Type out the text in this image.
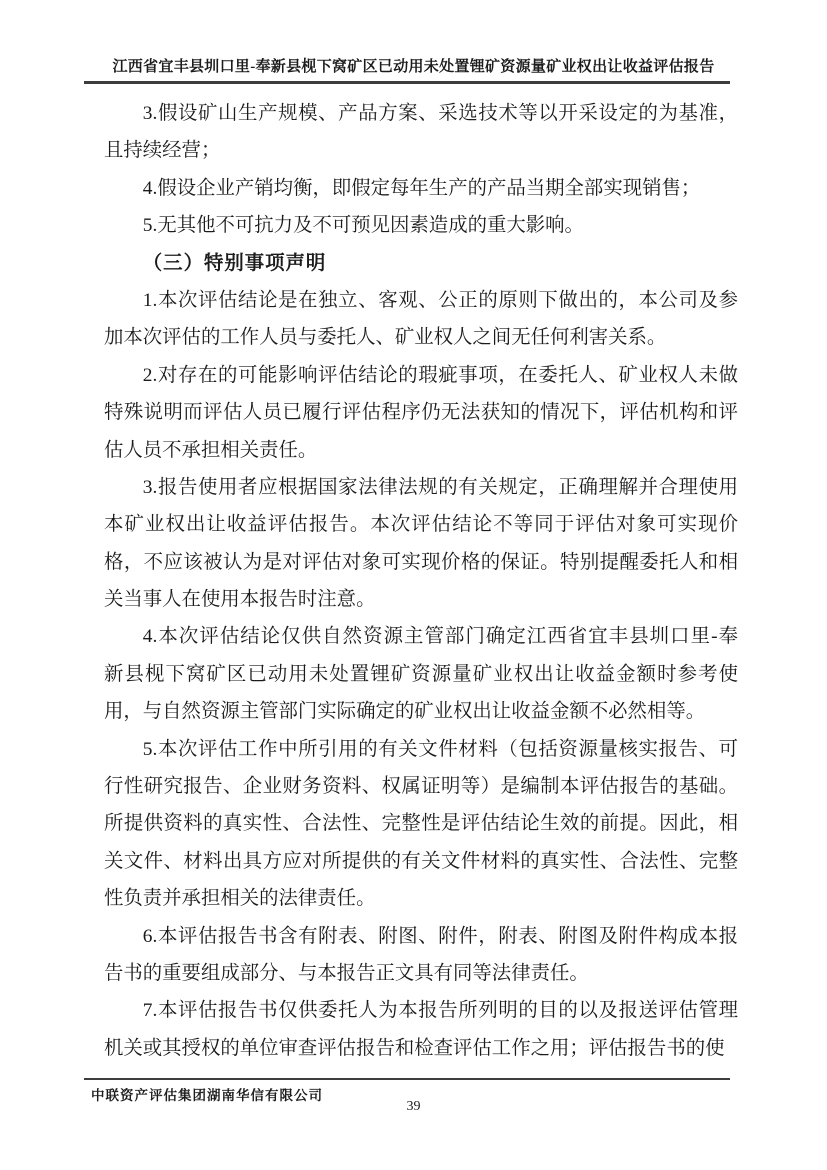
江西省宜丰县圳口里-奉新县枧下窝矿区已动用未处置锂矿资源量矿业权出让收益评估报告

3.假设矿山生产规模、产品方案、采选技术等以开采设定的为基准，
且持续经营；

4.假设企业产销均衡，即假定每年生产的产品当期全部实现销售；

5.无其他不可抗力及不可预见因素造成的重大影响。

（三）特别事项声明

1.本次评估结论是在独立、客观、公正的原则下做出的，本公司及参
加本次评估的工作人员与委托人、矿业权人之间无任何利害关系。

2.对存在的可能影响评估结论的瑕疵事项，在委托人、矿业权人未做
特殊说明而评估人员已履行评估程序仍无法获知的情况下，评估机构和评
估人员不承担相关责任。

3.报告使用者应根据国家法律法规的有关规定，正确理解并合理使用
本矿业权出让收益评估报告。本次评估结论不等同于评估对象可实现价
格，不应该被认为是对评估对象可实现价格的保证。特别提醒委托人和相
关当事人在使用本报告时注意。

4.本次评估结论仅供自然资源主管部门确定江西省宜丰县圳口里-奉
新县枧下窝矿区已动用未处置锂矿资源量矿业权出让收益金额时参考使
用，与自然资源主管部门实际确定的矿业权出让收益金额不必然相等。

5.本次评估工作中所引用的有关文件材料（包括资源量核实报告、可
行性研究报告、企业财务资料、权属证明等）是编制本评估报告的基础。
所提供资料的真实性、合法性、完整性是评估结论生效的前提。因此，相
关文件、材料出具方应对所提供的有关文件材料的真实性、合法性、完整
性负责并承担相关的法律责任。

6.本评估报告书含有附表、附图、附件，附表、附图及附件构成本报
告书的重要组成部分、与本报告正文具有同等法律责任。

7.本评估报告书仅供委托人为本报告所列明的目的以及报送评估管理
机关或其授权的单位审查评估报告和检查评估工作之用；评估报告书的使

中联资产评估集团湖南华信有限公司
39
